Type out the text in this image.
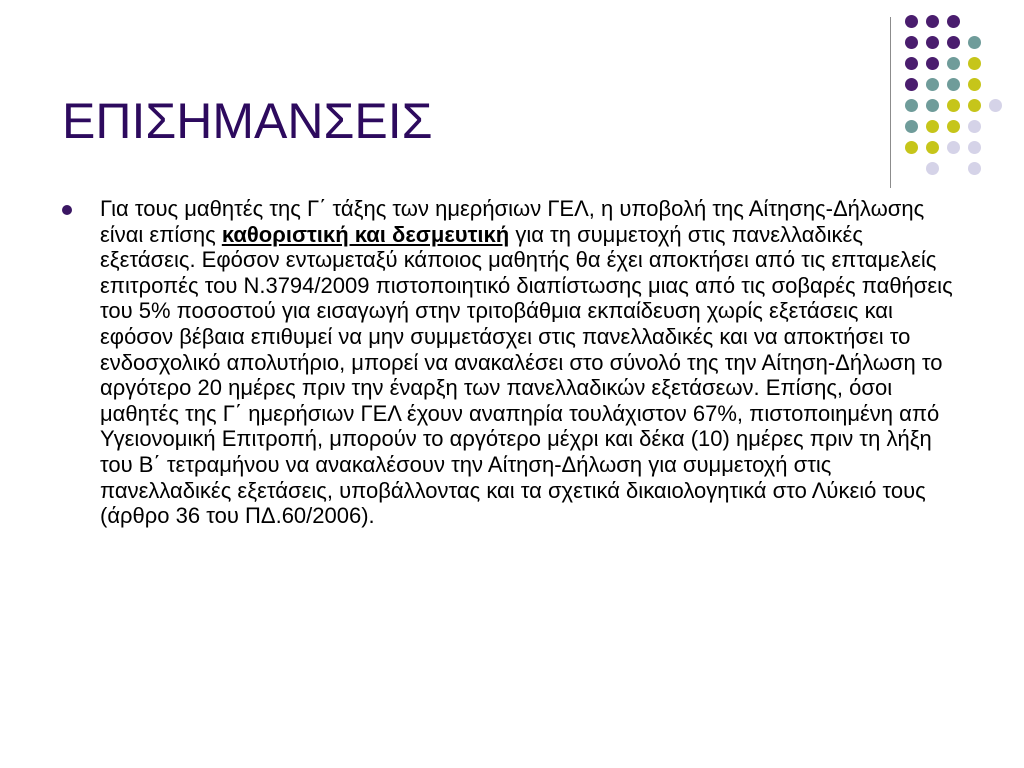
ΕΠΙΣΗΜΑΝΣΕΙΣ

Για τους μαθητές της Γ΄ τάξης των ημερήσιων ΓΕΛ, η υποβολή της Αίτησης-Δήλωσης είναι επίσης καθοριστική και δεσμευτική για τη συμμετοχή στις πανελλαδικές εξετάσεις. Εφόσον εντωμεταξύ κάποιος μαθητής θα έχει αποκτήσει από τις επταμελείς επιτροπές του Ν.3794/2009 πιστοποιητικό διαπίστωσης μιας από τις σοβαρές παθήσεις του 5% ποσοστού για εισαγωγή στην τριτοβάθμια εκπαίδευση χωρίς εξετάσεις και εφόσον βέβαια επιθυμεί να μην συμμετάσχει στις πανελλαδικές και να αποκτήσει το ενδοσχολικό απολυτήριο, μπορεί να ανακαλέσει στο σύνολό της την Αίτηση-Δήλωση το αργότερο 20 ημέρες πριν την έναρξη των πανελλαδικών εξετάσεων. Επίσης, όσοι μαθητές της Γ΄ ημερήσιων ΓΕΛ έχουν αναπηρία τουλάχιστον 67%, πιστοποιημένη από Υγειονομική Επιτροπή, μπορούν το αργότερο μέχρι και δέκα (10) ημέρες πριν τη λήξη του Β΄ τετραμήνου να ανακαλέσουν την Αίτηση-Δήλωση για συμμετοχή στις πανελλαδικές εξετάσεις, υποβάλλοντας και τα σχετικά δικαιολογητικά στο Λύκειό τους (άρθρο 36 του ΠΔ.60/2006).
